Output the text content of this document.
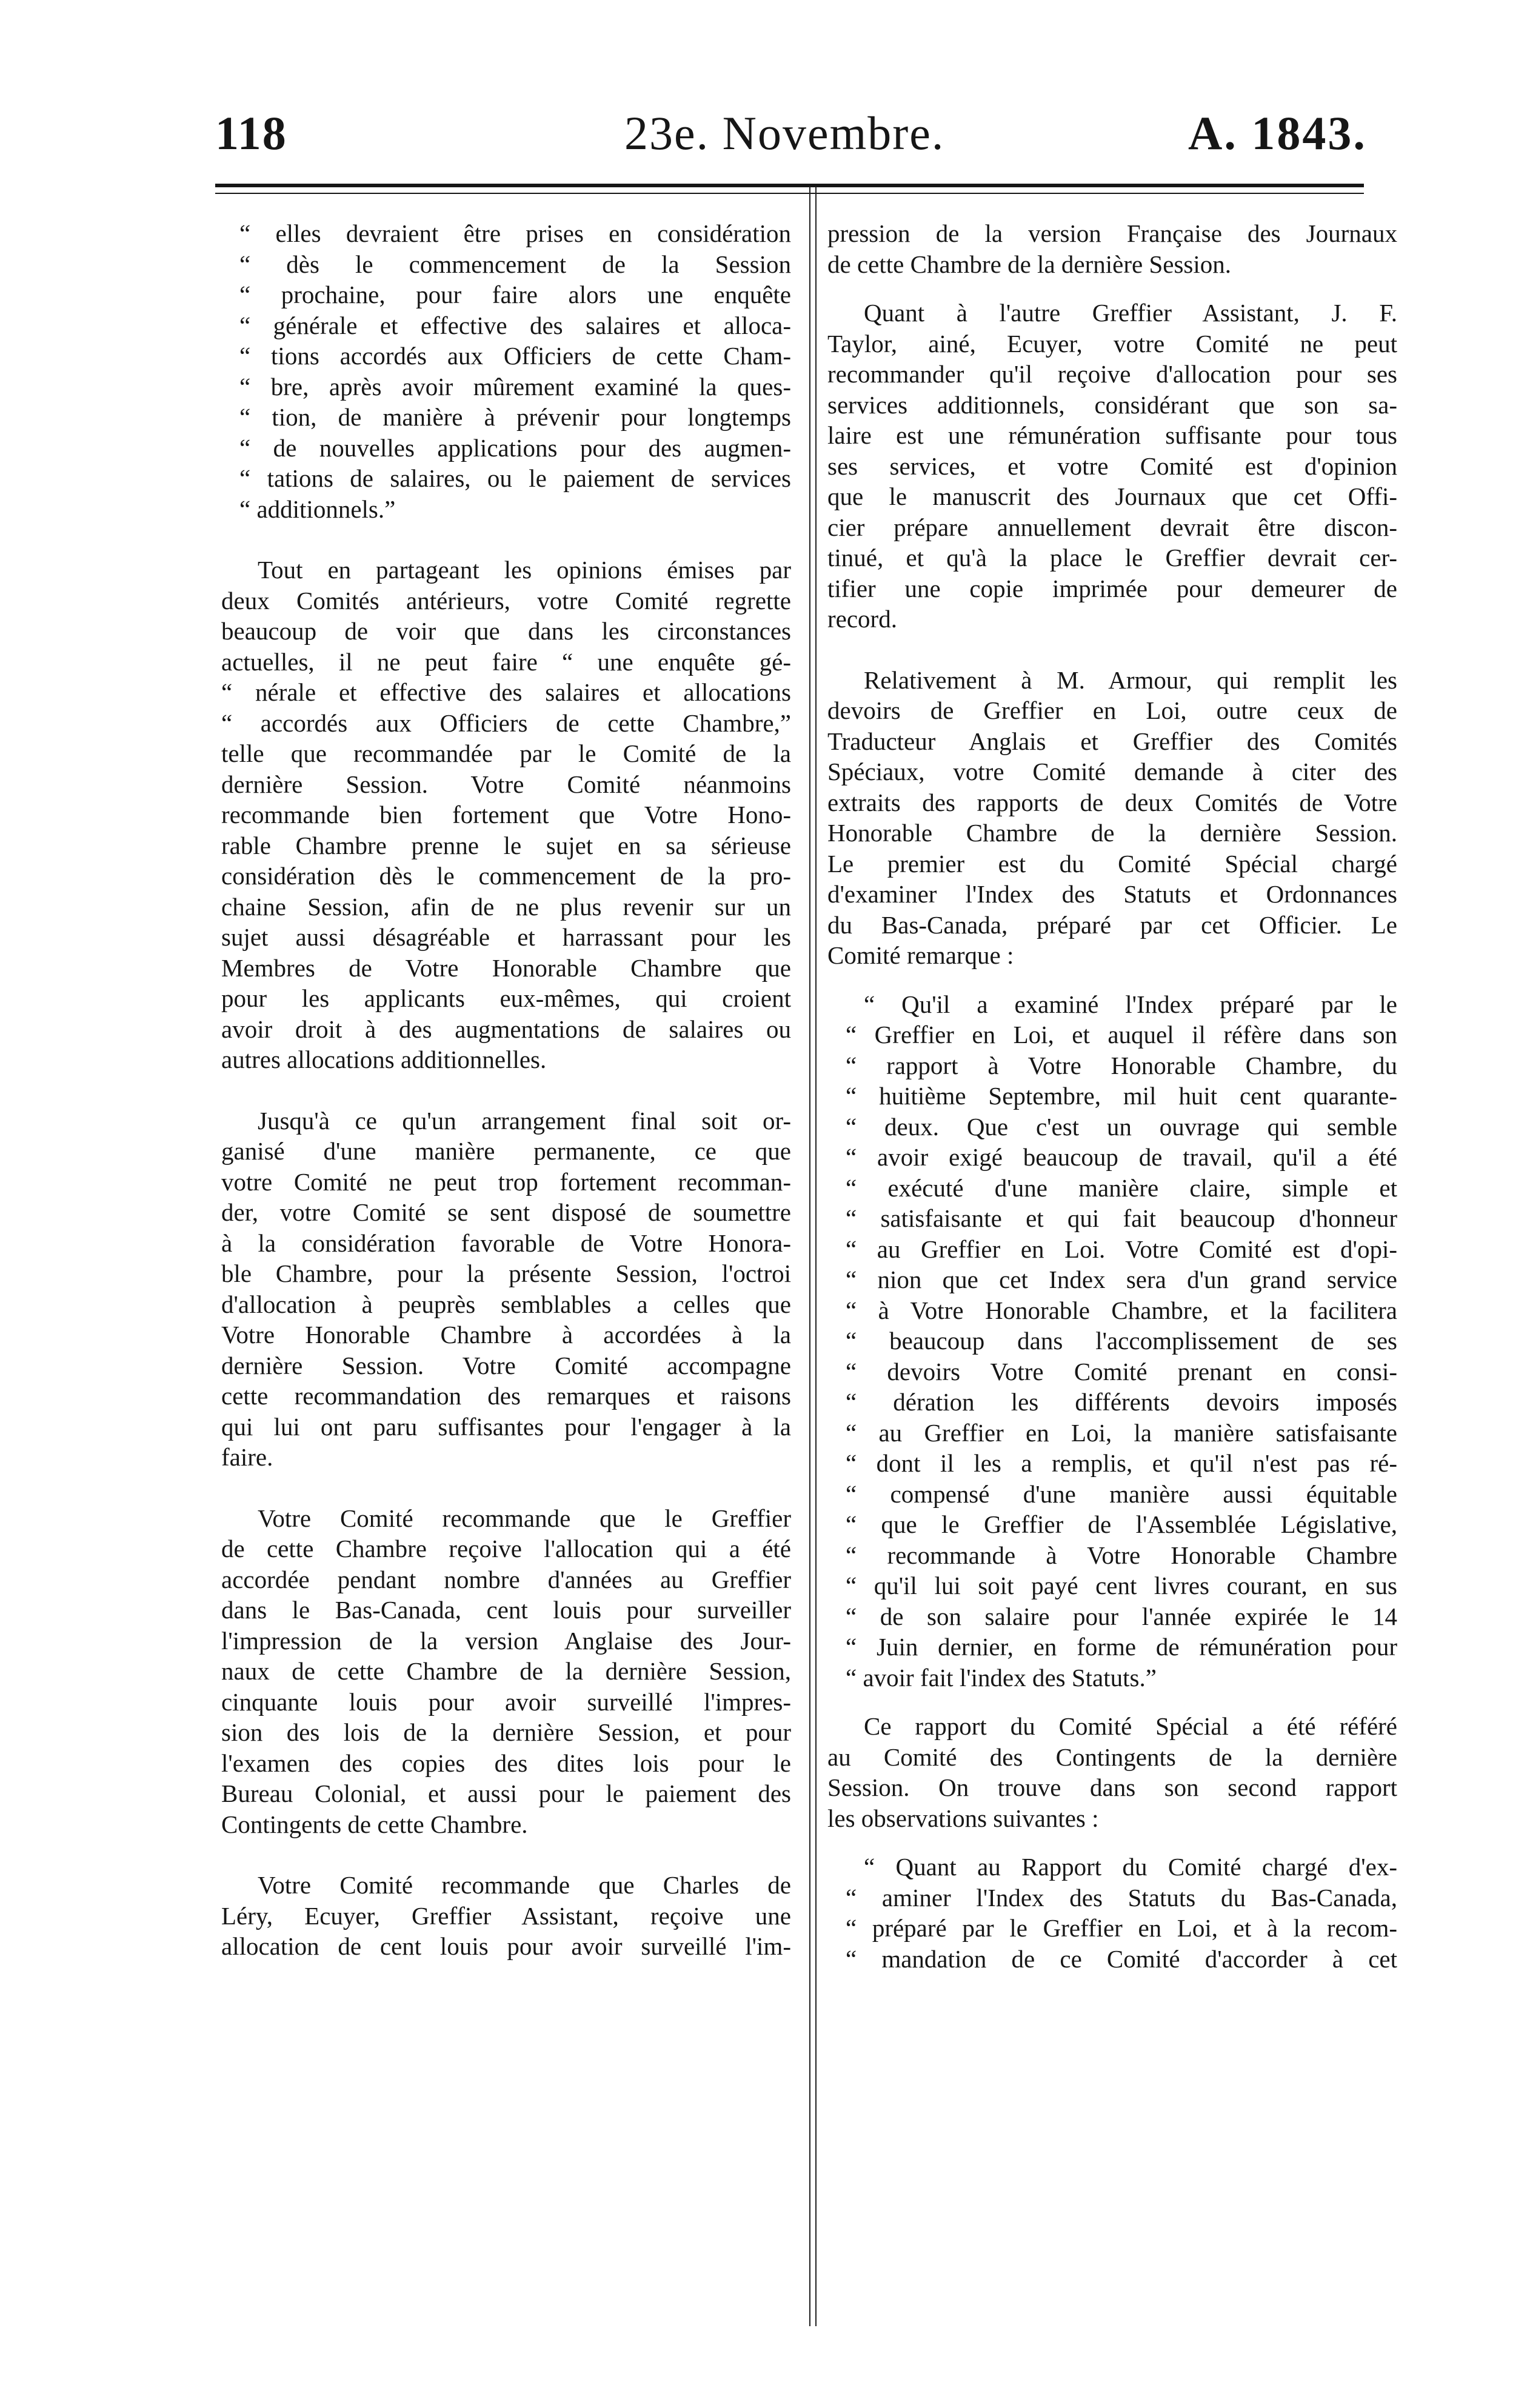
118	23e. Novembre.	A. 1843.
“ elles devraient être prises en considération
“ dès le commencement de la Session
“ prochaine, pour faire alors une enquête
“ générale et effective des salaires et alloca-
“ tions accordés aux Officiers de cette Cham-
“ bre, après avoir mûrement examiné la ques-
“ tion, de manière à prévenir pour longtemps
“ de nouvelles applications pour des augmen-
“ tations de salaires, ou le paiement de services
“ additionnels.”
Tout en partageant les opinions émises par
deux Comités antérieurs, votre Comité regrette
beaucoup de voir que dans les circonstances
actuelles, il ne peut faire “ une enquête gé-
“ nérale et effective des salaires et allocations
“ accordés aux Officiers de cette Chambre,”
telle que recommandée par le Comité de la
dernière Session. Votre Comité néanmoins
recommande bien fortement que Votre Hono-
rable Chambre prenne le sujet en sa sérieuse
considération dès le commencement de la pro-
chaine Session, afin de ne plus revenir sur un
sujet aussi désagréable et harrassant pour les
Membres de Votre Honorable Chambre que
pour les applicants eux-mêmes, qui croient
avoir droit à des augmentations de salaires ou
autres allocations additionnelles.
Jusqu'à ce qu'un arrangement final soit or-
ganisé d'une manière permanente, ce que
votre Comité ne peut trop fortement recomman-
der, votre Comité se sent disposé de soumettre
à la considération favorable de Votre Honora-
ble Chambre, pour la présente Session, l'octroi
d'allocation à peuprès semblables a celles que
Votre Honorable Chambre à accordées à la
dernière Session. Votre Comité accompagne
cette recommandation des remarques et raisons
qui lui ont paru suffisantes pour l'engager à la
faire.
Votre Comité recommande que le Greffier
de cette Chambre reçoive l'allocation qui a été
accordée pendant nombre d'années au Greffier
dans le Bas-Canada, cent louis pour surveiller
l'impression de la version Anglaise des Jour-
naux de cette Chambre de la dernière Session,
cinquante louis pour avoir surveillé l'impres-
sion des lois de la dernière Session, et pour
l'examen des copies des dites lois pour le
Bureau Colonial, et aussi pour le paiement des
Contingents de cette Chambre.
Votre Comité recommande que Charles de
Léry, Ecuyer, Greffier Assistant, reçoive une
allocation de cent louis pour avoir surveillé l'im-
pression de la version Française des Journaux
de cette Chambre de la dernière Session.
Quant à l'autre Greffier Assistant, J. F.
Taylor, ainé, Ecuyer, votre Comité ne peut
recommander qu'il reçoive d'allocation pour ses
services additionnels, considérant que son sa-
laire est une rémunération suffisante pour tous
ses services, et votre Comité est d'opinion
que le manuscrit des Journaux que cet Offi-
cier prépare annuellement devrait être discon-
tinué, et qu'à la place le Greffier devrait cer-
tifier une copie imprimée pour demeurer de
record.
Relativement à M. Armour, qui remplit les
devoirs de Greffier en Loi, outre ceux de
Traducteur Anglais et Greffier des Comités
Spéciaux, votre Comité demande à citer des
extraits des rapports de deux Comités de Votre
Honorable Chambre de la dernière Session.
Le premier est du Comité Spécial chargé
d'examiner l'Index des Statuts et Ordonnances
du Bas-Canada, préparé par cet Officier. Le
Comité remarque :
“ Qu'il a examiné l'Index préparé par le
“ Greffier en Loi, et auquel il réfère dans son
“ rapport à Votre Honorable Chambre, du
“ huitième Septembre, mil huit cent quarante-
“ deux. Que c'est un ouvrage qui semble
“ avoir exigé beaucoup de travail, qu'il a été
“ exécuté d'une manière claire, simple et
“ satisfaisante et qui fait beaucoup d'honneur
“ au Greffier en Loi. Votre Comité est d'opi-
“ nion que cet Index sera d'un grand service
“ à Votre Honorable Chambre, et la facilitera
“ beaucoup dans l'accomplissement de ses
“ devoirs Votre Comité prenant en consi-
“ dération les différents devoirs imposés
“ au Greffier en Loi, la manière satisfaisante
“ dont il les a remplis, et qu'il n'est pas ré-
“ compensé d'une manière aussi équitable
“ que le Greffier de l'Assemblée Législative,
“ recommande à Votre Honorable Chambre
“ qu'il lui soit payé cent livres courant, en sus
“ de son salaire pour l'année expirée le 14
“ Juin dernier, en forme de rémunération pour
“ avoir fait l'index des Statuts.”
Ce rapport du Comité Spécial a été référé
au Comité des Contingents de la dernière
Session. On trouve dans son second rapport
les observations suivantes :
“ Quant au Rapport du Comité chargé d'ex-
“ aminer l'Index des Statuts du Bas-Canada,
“ préparé par le Greffier en Loi, et à la recom-
“ mandation de ce Comité d'accorder à cet
